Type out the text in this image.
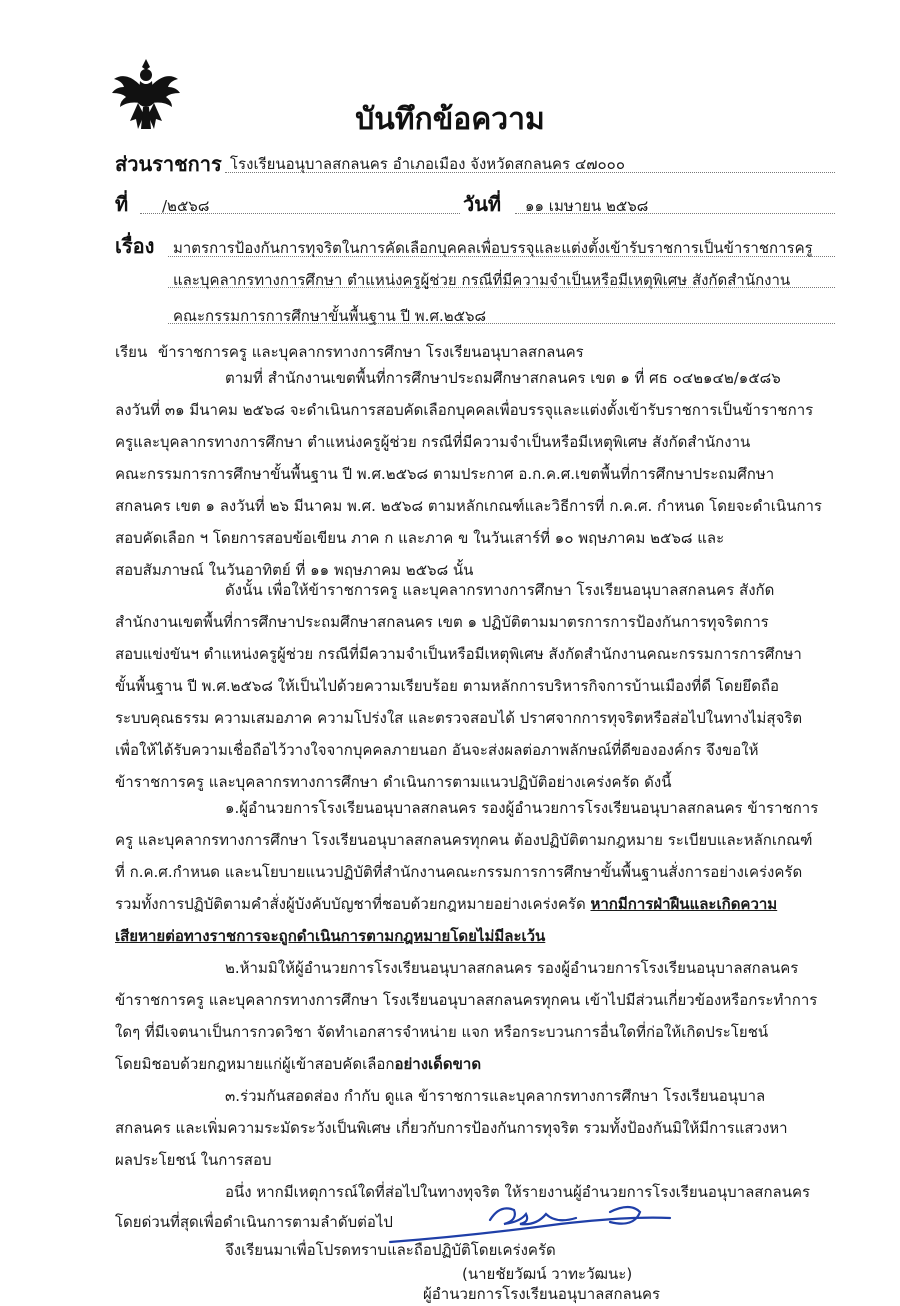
บันทึกข้อความ
ส่วนราชการ โรงเรียนอนุบาลสกลนคร อำเภอเมือง จังหวัดสกลนคร ๔๗๐๐๐
ที่ /๒๕๖๘	วันที่ ๑๑ เมษายน ๒๕๖๘
เรื่อง มาตรการป้องกันการทุจริตในการคัดเลือกบุคคลเพื่อบรรจุและแต่งตั้งเข้ารับราชการเป็นข้าราชการครู
และบุคลากรทางการศึกษา ตำแหน่งครูผู้ช่วย กรณีที่มีความจำเป็นหรือมีเหตุพิเศษ สังกัดสำนักงาน
คณะกรรมการการศึกษาขั้นพื้นฐาน ปี พ.ศ.๒๕๖๘
เรียน ข้าราชการครู และบุคลากรทางการศึกษา โรงเรียนอนุบาลสกลนคร
ตามที่ สำนักงานเขตพื้นที่การศึกษาประถมศึกษาสกลนคร เขต ๑ ที่ ศธ ๐๔๒๑๔๒/๑๕๘๖
ลงวันที่ ๓๑ มีนาคม ๒๕๖๘ จะดำเนินการสอบคัดเลือกบุคคลเพื่อบรรจุและแต่งตั้งเข้ารับราชการเป็นข้าราชการ
ครูและบุคลากรทางการศึกษา ตำแหน่งครูผู้ช่วย กรณีที่มีความจำเป็นหรือมีเหตุพิเศษ สังกัดสำนักงาน
คณะกรรมการการศึกษาขั้นพื้นฐาน ปี พ.ศ.๒๕๖๘ ตามประกาศ อ.ก.ค.ศ.เขตพื้นที่การศึกษาประถมศึกษา
สกลนคร เขต ๑ ลงวันที่ ๒๖ มีนาคม พ.ศ. ๒๕๖๘ ตามหลักเกณฑ์และวิธีการที่ ก.ค.ศ. กำหนด โดยจะดำเนินการ
สอบคัดเลือก ฯ โดยการสอบข้อเขียน ภาค ก และภาค ข ในวันเสาร์ที่ ๑๐ พฤษภาคม ๒๕๖๘ และ
สอบสัมภาษณ์ ในวันอาทิตย์ ที่ ๑๑ พฤษภาคม ๒๕๖๘ นั้น
ดังนั้น เพื่อให้ข้าราชการครู และบุคลากรทางการศึกษา โรงเรียนอนุบาลสกลนคร สังกัด
สำนักงานเขตพื้นที่การศึกษาประถมศึกษาสกลนคร เขต ๑ ปฏิบัติตามมาตรการการป้องกันการทุจริตการ
สอบแข่งขันฯ ตำแหน่งครูผู้ช่วย กรณีที่มีความจำเป็นหรือมีเหตุพิเศษ สังกัดสำนักงานคณะกรรมการการศึกษา
ขั้นพื้นฐาน ปี พ.ศ.๒๕๖๘ ให้เป็นไปด้วยความเรียบร้อย ตามหลักการบริหารกิจการบ้านเมืองที่ดี โดยยึดถือ
ระบบคุณธรรม ความเสมอภาค ความโปร่งใส และตรวจสอบได้ ปราศจากการทุจริตหรือส่อไปในทางไม่สุจริต
เพื่อให้ได้รับความเชื่อถือไว้วางใจจากบุคคลภายนอก อันจะส่งผลต่อภาพลักษณ์ที่ดีขององค์กร จึงขอให้
ข้าราชการครู และบุคลากรทางการศึกษา ดำเนินการตามแนวปฏิบัติอย่างเคร่งครัด ดังนี้
๑.ผู้อำนวยการโรงเรียนอนุบาลสกลนคร รองผู้อำนวยการโรงเรียนอนุบาลสกลนคร ข้าราชการ
ครู และบุคลากรทางการศึกษา โรงเรียนอนุบาลสกลนครทุกคน ต้องปฏิบัติตามกฎหมาย ระเบียบและหลักเกณฑ์
ที่ ก.ค.ศ.กำหนด และนโยบายแนวปฏิบัติที่สำนักงานคณะกรรมการการศึกษาขั้นพื้นฐานสั่งการอย่างเคร่งครัด
รวมทั้งการปฏิบัติตามคำสั่งผู้บังคับบัญชาที่ชอบด้วยกฎหมายอย่างเคร่งครัด หากมีการฝ่าฝืนและเกิดความ
เสียหายต่อทางราชการจะถูกดำเนินการตามกฎหมายโดยไม่มีละเว้น
๒.ห้ามมิให้ผู้อำนวยการโรงเรียนอนุบาลสกลนคร รองผู้อำนวยการโรงเรียนอนุบาลสกลนคร
ข้าราชการครู และบุคลากรทางการศึกษา โรงเรียนอนุบาลสกลนครทุกคน เข้าไปมีส่วนเกี่ยวข้องหรือกระทำการ
ใดๆ ที่มีเจตนาเป็นการกวดวิชา จัดทำเอกสารจำหน่าย แจก หรือกระบวนการอื่นใดที่ก่อให้เกิดประโยชน์
โดยมิชอบด้วยกฎหมายแก่ผู้เข้าสอบคัดเลือกอย่างเด็ดขาด
๓.ร่วมกันสอดส่อง กำกับ ดูแล ข้าราชการและบุคลากรทางการศึกษา โรงเรียนอนุบาล
สกลนคร และเพิ่มความระมัดระวังเป็นพิเศษ เกี่ยวกับการป้องกันการทุจริต รวมทั้งป้องกันมิให้มีการแสวงหา
ผลประโยชน์ ในการสอบ
อนึ่ง หากมีเหตุการณ์ใดที่ส่อไปในทางทุจริต ให้รายงานผู้อำนวยการโรงเรียนอนุบาลสกลนคร
โดยด่วนที่สุดเพื่อดำเนินการตามลำดับต่อไป
จึงเรียนมาเพื่อโปรดทราบและถือปฏิบัติโดยเคร่งครัด
(นายชัยวัฒน์ วาทะวัฒนะ)
ผู้อำนวยการโรงเรียนอนุบาลสกลนคร
